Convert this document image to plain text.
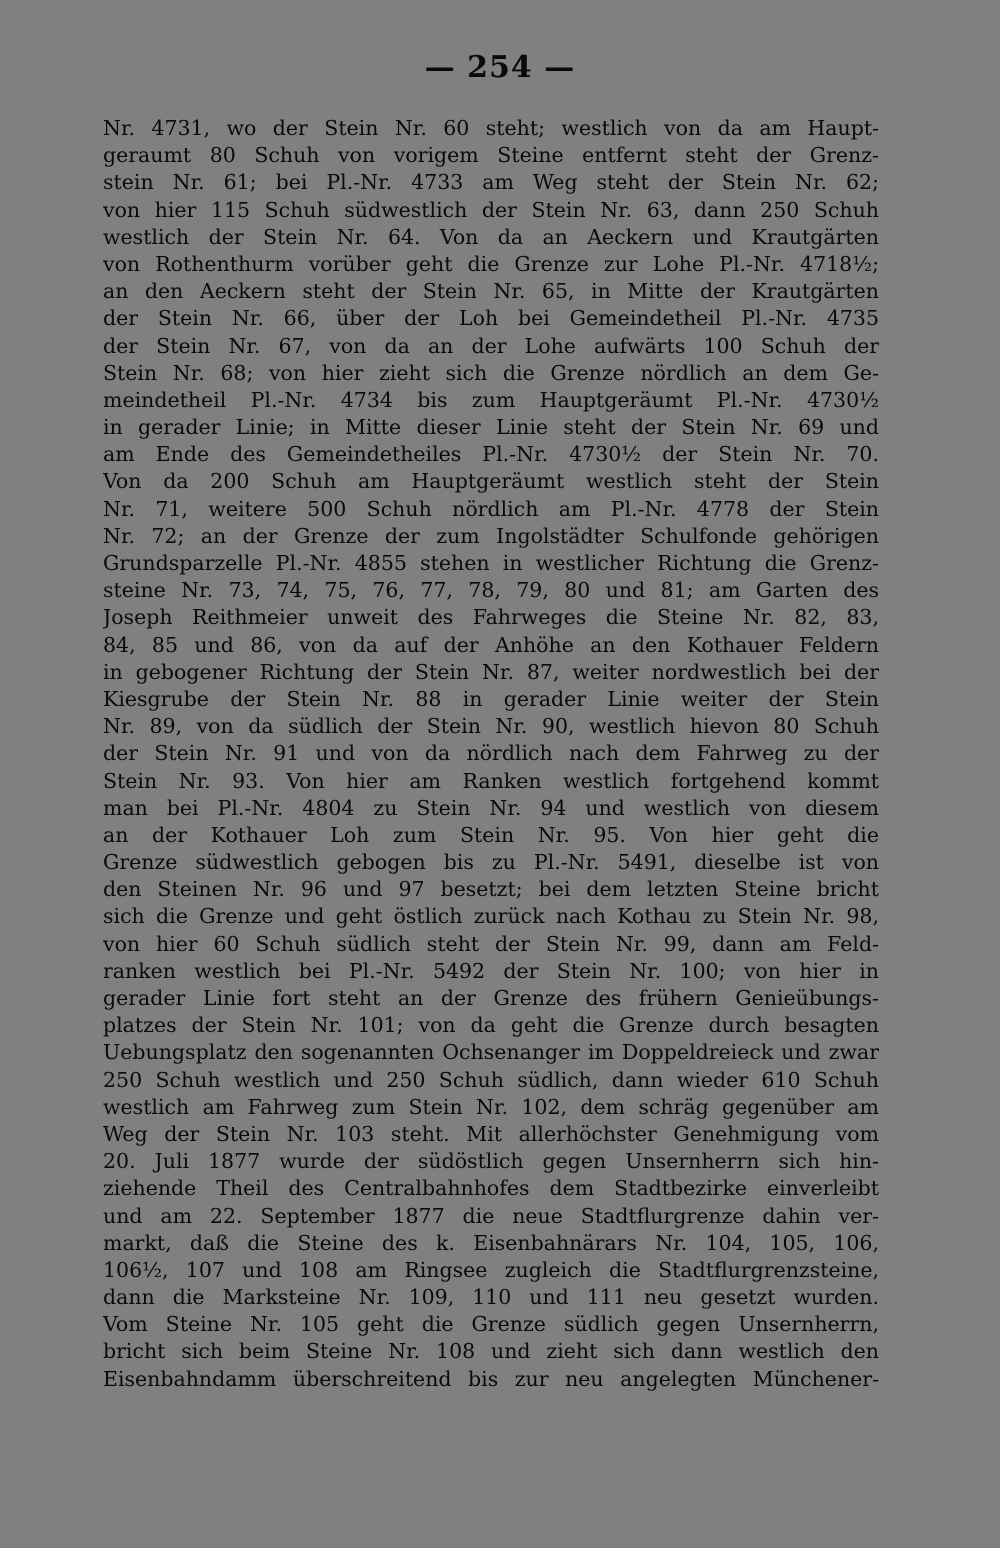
— 254 —
Nr. 4731, wo der Stein Nr. 60 steht; westlich von da am Haupt-
geraumt 80 Schuh von vorigem Steine entfernt steht der Grenz-
stein Nr. 61; bei Pl.-Nr. 4733 am Weg steht der Stein Nr. 62;
von hier 115 Schuh südwestlich der Stein Nr. 63, dann 250 Schuh
westlich der Stein Nr. 64. Von da an Aeckern und Krautgärten
von Rothenthurm vorüber geht die Grenze zur Lohe Pl.-Nr. 4718½;
an den Aeckern steht der Stein Nr. 65, in Mitte der Krautgärten
der Stein Nr. 66, über der Loh bei Gemeindetheil Pl.-Nr. 4735
der Stein Nr. 67, von da an der Lohe aufwärts 100 Schuh der
Stein Nr. 68; von hier zieht sich die Grenze nördlich an dem Ge-
meindetheil Pl.-Nr. 4734 bis zum Hauptgeräumt Pl.-Nr. 4730½
in gerader Linie; in Mitte dieser Linie steht der Stein Nr. 69 und
am Ende des Gemeindetheiles Pl.-Nr. 4730½ der Stein Nr. 70.
Von da 200 Schuh am Hauptgeräumt westlich steht der Stein
Nr. 71, weitere 500 Schuh nördlich am Pl.-Nr. 4778 der Stein
Nr. 72; an der Grenze der zum Ingolstädter Schulfonde gehörigen
Grundsparzelle Pl.-Nr. 4855 stehen in westlicher Richtung die Grenz-
steine Nr. 73, 74, 75, 76, 77, 78, 79, 80 und 81; am Garten des
Joseph Reithmeier unweit des Fahrweges die Steine Nr. 82, 83,
84, 85 und 86, von da auf der Anhöhe an den Kothauer Feldern
in gebogener Richtung der Stein Nr. 87, weiter nordwestlich bei der
Kiesgrube der Stein Nr. 88 in gerader Linie weiter der Stein
Nr. 89, von da südlich der Stein Nr. 90, westlich hievon 80 Schuh
der Stein Nr. 91 und von da nördlich nach dem Fahrweg zu der
Stein Nr. 93. Von hier am Ranken westlich fortgehend kommt
man bei Pl.-Nr. 4804 zu Stein Nr. 94 und westlich von diesem
an der Kothauer Loh zum Stein Nr. 95. Von hier geht die
Grenze südwestlich gebogen bis zu Pl.-Nr. 5491, dieselbe ist von
den Steinen Nr. 96 und 97 besetzt; bei dem letzten Steine bricht
sich die Grenze und geht östlich zurück nach Kothau zu Stein Nr. 98,
von hier 60 Schuh südlich steht der Stein Nr. 99, dann am Feld-
ranken westlich bei Pl.-Nr. 5492 der Stein Nr. 100; von hier in
gerader Linie fort steht an der Grenze des frühern Genieübungs-
platzes der Stein Nr. 101; von da geht die Grenze durch besagten
Uebungsplatz den sogenannten Ochsenanger im Doppeldreieck und zwar
250 Schuh westlich und 250 Schuh südlich, dann wieder 610 Schuh
westlich am Fahrweg zum Stein Nr. 102, dem schräg gegenüber am
Weg der Stein Nr. 103 steht. Mit allerhöchster Genehmigung vom
20. Juli 1877 wurde der südöstlich gegen Unsernherrn sich hin-
ziehende Theil des Centralbahnhofes dem Stadtbezirke einverleibt
und am 22. September 1877 die neue Stadtflurgrenze dahin ver-
markt, daß die Steine des k. Eisenbahnärars Nr. 104, 105, 106,
106½, 107 und 108 am Ringsee zugleich die Stadtflurgrenzsteine,
dann die Marksteine Nr. 109, 110 und 111 neu gesetzt wurden.
Vom Steine Nr. 105 geht die Grenze südlich gegen Unsernherrn,
bricht sich beim Steine Nr. 108 und zieht sich dann westlich den
Eisenbahndamm überschreitend bis zur neu angelegten Münchener-
